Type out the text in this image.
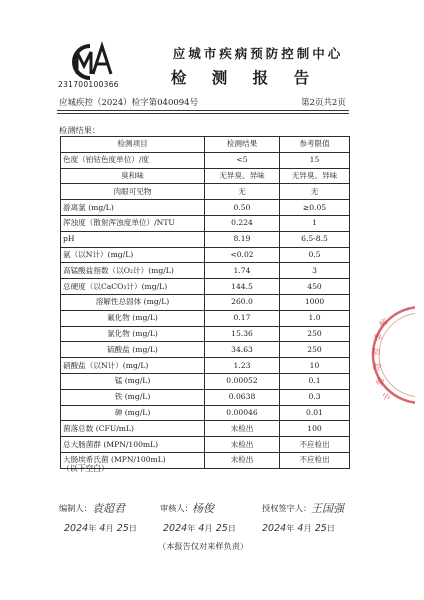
231700100366
应城市疾病预防控制中心
检 测 报 告
应城疾控（2024）检字第040094号	第2页共2页
检测结果：
检测项目	检测结果	参考限值
色度（铂钴色度单位）/度	<5	15
臭和味	无异臭、异味	无异臭、异味
肉眼可见物	无	无
游离氯 (mg/L)	0.50	≥0.05
浑浊度（散射浑浊度单位）/NTU	0.224	1
pH	8.19	6.5-8.5
氨（以N计）(mg/L)	<0.02	0.5
高锰酸盐指数（以O₂计）(mg/L)	1.74	3
总硬度（以CaCO₃计）(mg/L)	144.5	450
溶解性总固体 (mg/L)	260.0	1000
氟化物 (mg/L)	0.17	1.0
氯化物 (mg/L)	15.36	250
硫酸盐 (mg/L)	34.63	250
硝酸盐（以N计）(mg/L)	1.23	10
锰 (mg/L)	0.00052	0.1
铁 (mg/L)	0.0638	0.3
砷 (mg/L)	0.00046	0.01
菌落总数 (CFU/mL)	未检出	100
总大肠菌群 (MPN/100mL)	未检出	不应检出
大肠埃希氏菌 (MPN/100mL)	未检出	不应检出
（以下空白）
编制人： 袁超君	审核人： 杨俊	授权签字人： 王国强
2024年 4月 25日	2024年 4月 25日	2024年 4月 25日
（本报告仅对来样负责）
病
预
防
控
制
中
